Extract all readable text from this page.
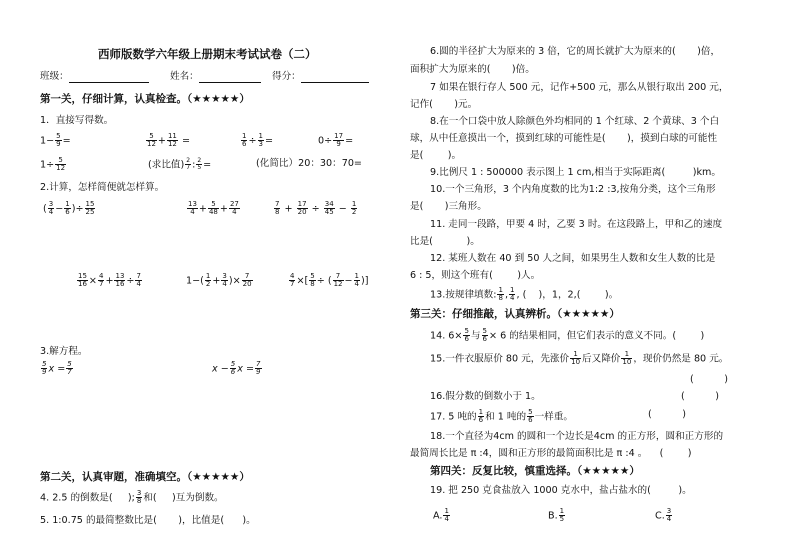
西师版数学六年级上册期末考试试卷（二）
班级：	姓名：	得分：
第一关，仔细计算，认真检查。（★★★★★）
1．直接写得数。
$1- \frac{5}{9}$ =	$\frac{5}{12} + \frac{11}{12}$ =	$\frac{1}{6} \div \frac{1}{3}$ =	$0\div \frac{17}{9}$ =
$1\div \frac{5}{12}$	(求比值) $\frac{2}{7}$ : $\frac{2}{5}$ =	(化简比）20：30：70=
2.计算，怎样简便就怎样算。
( $\frac{3}{4} - \frac{1}{6}$ )÷ $\frac{15}{25}$	$\frac{13}{4} + \frac{5}{48} + \frac{27}{4}$	$\frac{7}{8} + \frac{17}{20} \div \frac{34}{45} - \frac{1}{2}$
$\frac{15}{16} \times \frac{4}{7} + \frac{13}{16} \div \frac{7}{4}$	$1-( \frac{1}{2} + \frac{3}{4}$ )× $\frac{7}{20}$	$\frac{4}{7}$ ×[ $\frac{5}{8}$ ÷ ( $\frac{7}{12} - \frac{1}{4}$ )]
3.解方程。
$\frac{5}{9}$ $x = \frac{5}{7}$	$x - \frac{5}{6}$ $x = \frac{7}{9}$
第二关，认真审题，准确填空。（★★★★★）
4. 2.5 的倒数是( ); $\frac{3}{8}$ 和( )互为倒数。
5. 1:0.75 的最简整数比是( )，比值是( )。
6.圆的半径扩大为原来的 3 倍，它的周长就扩大为原来的( )倍，
面积扩大为原来的( )倍。
7 如果在银行存人 500 元，记作+500 元，那么从银行取出 200 元，
记作( )元。
8.在一个口袋中放人除颜色外均相同的 1 个红球、2 个黄球、3 个白
球，从中任意摸出一个，摸到红球的可能性是( )，摸到白球的可能性
是(	)。
9.比例尺 1 : 500000 表示图上 1 cm,相当于实际距离(	)km。
10.一个三角形，3 个内角度数的比为1:2 :3,按角分类，这个三角形
是( )三角形。
11. 走同一段路，甲要 4 时，乙要 3 时。在这段路上，甲和乙的速度
比是(	)。
12. 某班人数在 40 到 50 人之间，如果男生人数和女生人数的比是
6 : 5，则这个班有(	)人。
13.按规律填数: $\frac{1}{8}$ , $\frac{1}{4}$ , ( )，1，2,(	)。
第三关：仔细推敲，认真辨析。（★★★★★）
14. $6\times \frac{5}{6}$ 与 $\frac{5}{6} \times 6$ 的结果相同，但它们表示的意义不同。(	)
15.一件衣服原价 80 元，先涨价 $\frac{1}{10}$ 后又降价 $\frac{1}{10}$ ，现价仍然是 80 元。
(	)
16.假分数的倒数小于 1。	(	)
17. 5 吨的 $\frac{1}{6}$ 和 1 吨的 $\frac{5}{6}$ 一样重。	(	)
18.一个直径为4cm 的圆和一个边长是4cm 的正方形，圆和正方形的
最简周长比是 π :4，圆和正方形的最简面积比是 π :4 。 (	)
第四关：反复比较，慎重选择。（★★★★★）
19. 把 250 克食盐放入 1000 克水中，盐占盐水的(	)。
A. $\frac{1}{4}$	B. $\frac{1}{5}$	C. $\frac{3}{4}$
